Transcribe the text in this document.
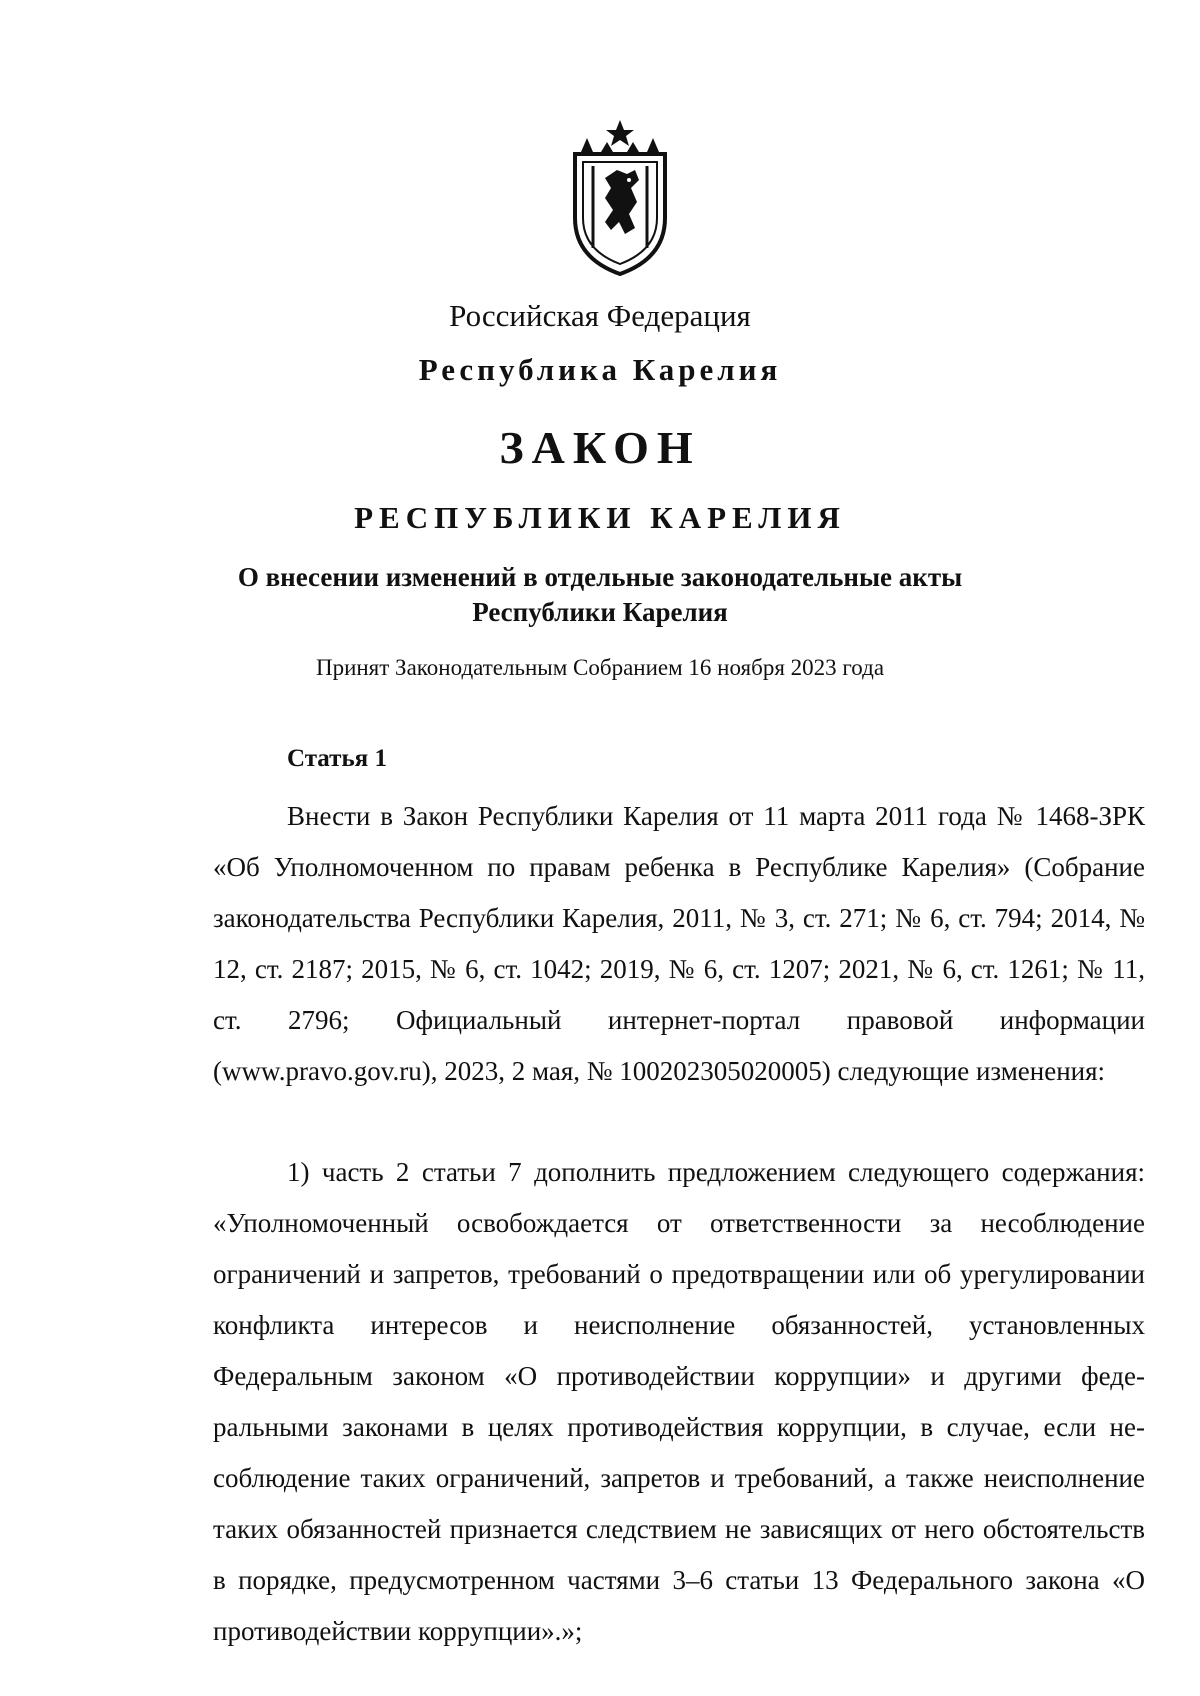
Российская Федерация
Республика Карелия
ЗАКОН
РЕСПУБЛИКИ КАРЕЛИЯ
О внесении изменений в отдельные законодательные акты
Республики Карелия
Принят Законодательным Собранием 16 ноября 2023 года
Статья 1

Внести в Закон Республики Карелия от 11 марта 2011 года № 1468-ЗРК «Об Уполномоченном по правам ребенка в Республике Карелия» (Собрание законодательства Республики Карелия, 2011, № 3, ст. 271; № 6, ст. 794; 2014, № 12, ст. 2187; 2015, № 6, ст. 1042; 2019, № 6, ст. 1207; 2021, № 6, ст. 1261; № 11, ст. 2796; Официальный интернет-портал правовой информации (www.pravo.gov.ru), 2023, 2 мая, № 100202305020005) следующие изменения:

1) часть 2 статьи 7 дополнить предложением следующего содержания: «Уполномоченный освобождается от ответственности за несоблюдение ограничений и запретов, требований о предотвращении или об урегулировании конфликта интересов и неисполнение обязанностей, установленных Федеральным законом «О противодействии коррупции» и другими федеральными законами в целях противодействия коррупции, в случае, если несоблюдение таких ограничений, запретов и требований, а также неисполнение таких обязанностей признается следствием не зависящих от него обстоятельств в порядке, предусмотренном частями 3–6 статьи 13 Федерального закона «О противодействии коррупции».»;
